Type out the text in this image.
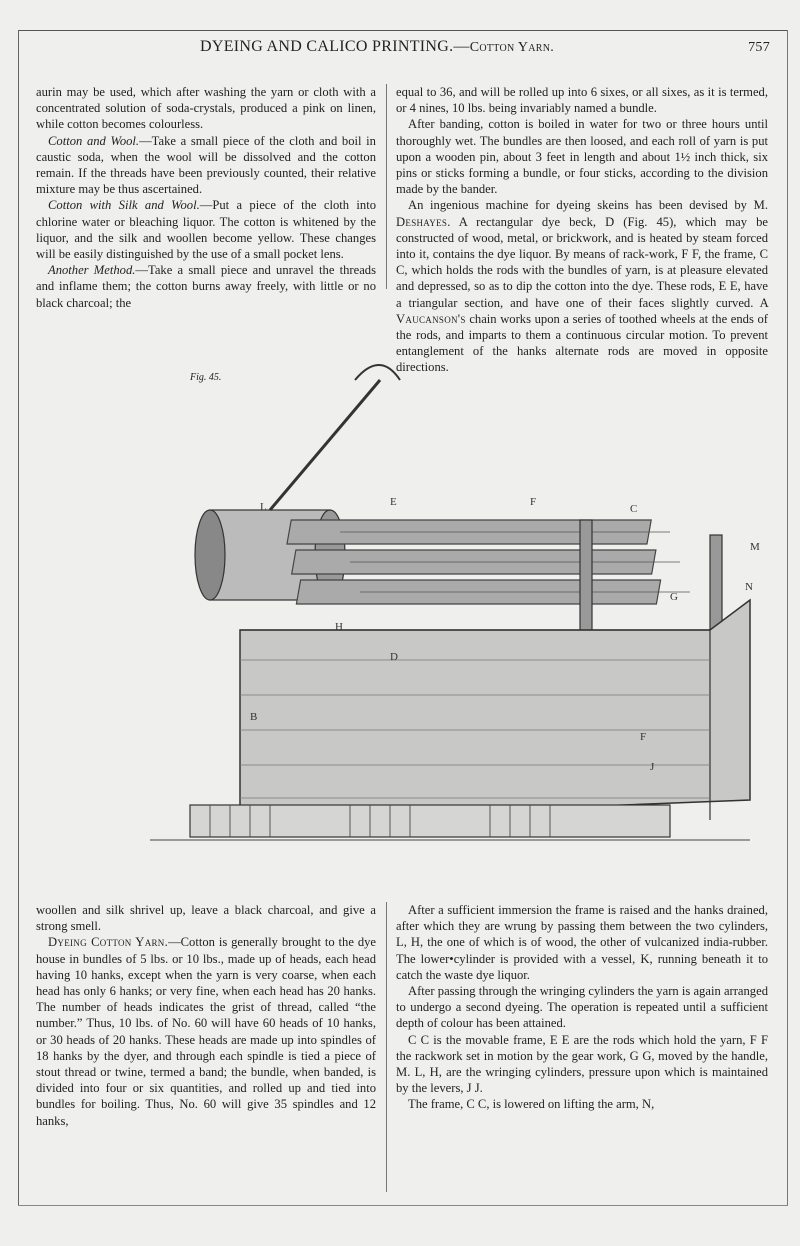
DYEING AND CALICO PRINTING.—Cotton Yarn.	757

aurin may be used, which after washing the yarn or cloth with a concentrated solution of soda-crystals, produced a pink on linen, while cotton becomes colourless.

Cotton and Wool.—Take a small piece of the cloth and boil in caustic soda, when the wool will be dissolved and the cotton remain. If the threads have been previously counted, their relative mixture may be thus ascertained.

Cotton with Silk and Wool.—Put a piece of the cloth into chlorine water or bleaching liquor. The cotton is whitened by the liquor, and the silk and woollen become yellow. These changes will be easily distinguished by the use of a small pocket lens.

Another Method.—Take a small piece and unravel the threads and inflame them; the cotton burns away freely, with little or no black charcoal; the

equal to 36, and will be rolled up into 6 sixes, or all sixes, as it is termed, or 4 nines, 10 lbs. being invariably named a bundle.

After banding, cotton is boiled in water for two or three hours until thoroughly wet. The bundles are then loosed, and each roll of yarn is put upon a wooden pin, about 3 feet in length and about 1½ inch thick, six pins or sticks forming a bundle, or four sticks, according to the division made by the bander.

An ingenious machine for dyeing skeins has been devised by M. Deshayes. A rectangular dye beck, D (Fig. 45), which may be constructed of wood, metal, or brickwork, and is heated by steam forced into it, contains the dye liquor. By means of rack-work, F F, the frame, C C, which holds the rods with the bundles of yarn, is at pleasure elevated and depressed, so as to dip the cotton into the dye. These rods, E E, have a triangular section, and have one of their faces slightly curved. A Vaucanson's chain works upon a series of toothed wheels at the ends of the rods, and imparts to them a continuous circular motion. To prevent entanglement of the hanks alternate rods are moved in opposite directions.

Fig. 45.
E	F
C
M
G
N
D
H
F
B
J
L

woollen and silk shrivel up, leave a black charcoal, and give a strong smell.

Dyeing Cotton Yarn.—Cotton is generally brought to the dye house in bundles of 5 lbs. or 10 lbs., made up of heads, each head having 10 hanks, except when the yarn is very coarse, when each head has only 6 hanks; or very fine, when each head has 20 hanks. The number of heads indicates the grist of thread, called “the number.” Thus, 10 lbs. of No. 60 will have 60 heads of 10 hanks, or 30 heads of 20 hanks. These heads are made up into spindles of 18 hanks by the dyer, and through each spindle is tied a piece of stout thread or twine, termed a band; the bundle, when banded, is divided into four or six quantities, and rolled up and tied into bundles for boiling. Thus, No. 60 will give 35 spindles and 12 hanks,

After a sufficient immersion the frame is raised and the hanks drained, after which they are wrung by passing them between the two cylinders, L, H, the one of which is of wood, the other of vulcanized india-rubber. The lower•cylinder is provided with a vessel, K, running beneath it to catch the waste dye liquor.

After passing through the wringing cylinders the yarn is again arranged to undergo a second dyeing. The operation is repeated until a sufficient depth of colour has been attained.

C C is the movable frame, E E are the rods which hold the yarn, F F the rackwork set in motion by the gear work, G G, moved by the handle, M. L, H, are the wringing cylinders, pressure upon which is maintained by the levers, J J.

The frame, C C, is lowered on lifting the arm, N,
